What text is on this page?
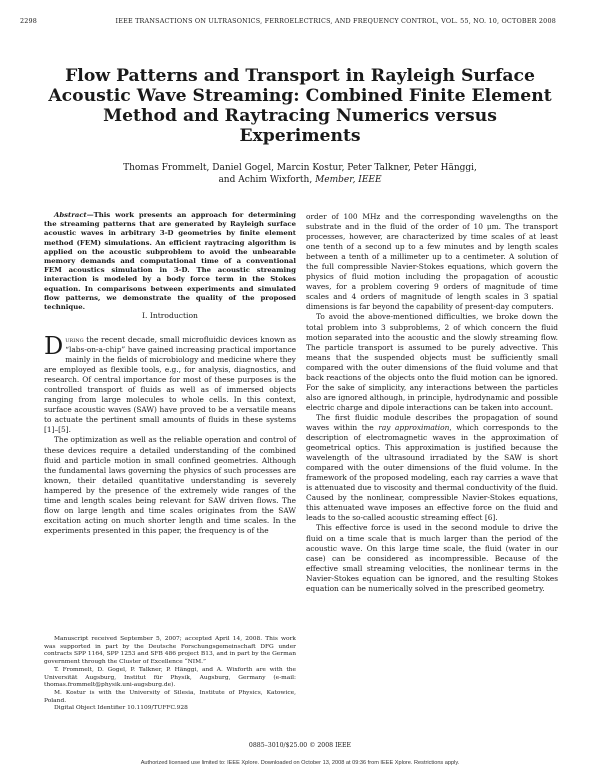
2298	IEEE TRANSACTIONS ON ULTRASONICS, FERROELECTRICS, AND FREQUENCY CONTROL, VOL. 55, NO. 10, OCTOBER 2008
Flow Patterns and Transport in Rayleigh Surface Acoustic Wave Streaming: Combined Finite Element Method and Raytracing Numerics versus Experiments
Thomas Frommelt, Daniel Gogel, Marcin Kostur, Peter Talkner, Peter Hänggi,
and Achim Wixforth, Member, IEEE
Abstract—This work presents an approach for determining the streaming patterns that are generated by Rayleigh surface acoustic waves in arbitrary 3-D geometries by finite element method (FEM) simulations. An efficient raytracing algorithm is applied on the acoustic subproblem to avoid the unbearable memory demands and computational time of a conventional FEM acoustics simulation in 3-D. The acoustic streaming interaction is modeled by a body force term in the Stokes equation. In comparisons between experiments and simulated flow patterns, we demonstrate the quality of the proposed technique.
I. Introduction

During the recent decade, small microfluidic devices known as “labs-on-a-chip” have gained increasing practical importance mainly in the fields of microbiology and medicine where they are employed as flexible tools, e.g., for analysis, diagnostics, and research. Of central importance for most of these purposes is the controlled transport of fluids as well as of immersed objects ranging from large molecules to whole cells. In this context, surface acoustic waves (SAW) have proved to be a versatile means to actuate the pertinent small amounts of fluids in these systems [1]–[5].

The optimization as well as the reliable operation and control of these devices require a detailed understanding of the combined fluid and particle motion in small confined geometries. Although the fundamental laws governing the physics of such processes are known, their detailed quantitative understanding is severely hampered by the presence of the extremely wide ranges of the time and length scales being relevant for SAW driven flows. The flow on large length and time scales originates from the SAW excitation acting on much shorter length and time scales. In the experiments presented in this paper, the frequency is of the

Manuscript received September 5, 2007; accepted April 14, 2008. This work was supported in part by the Deutsche Forschungsgemeinschaft DFG under contracts SPP 1164, SPP 1253 and SFB 486 project B13, and in part by the German government through the Cluster of Excellence “NIM.”

T. Frommelt, D. Gogel, P. Talkner, P. Hänggi, and A. Wixforth are with the Universität Augsburg, Institut für Physik, Augsburg, Germany (e-mail: thomas.frommelt@physik.uni-augsburg.de).

M. Kostur is with the University of Silesia, Institute of Physics, Katowice, Poland.

Digital Object Identifier 10.1109/TUFFC.928

order of 100 MHz and the corresponding wavelengths on the substrate and in the fluid of the order of 10 μm. The transport processes, however, are characterized by time scales of at least one tenth of a second up to a few minutes and by length scales between a tenth of a millimeter up to a centimeter. A solution of the full compressible Navier-Stokes equations, which govern the physics of fluid motion including the propagation of acoustic waves, for a problem covering 9 orders of magnitude of time scales and 4 orders of magnitude of length scales in 3 spatial dimensions is far beyond the capability of present-day computers.

To avoid the above-mentioned difficulties, we broke down the total problem into 3 subproblems, 2 of which concern the fluid motion separated into the acoustic and the slowly streaming flow. The particle transport is assumed to be purely advective. This means that the suspended objects must be sufficiently small compared with the outer dimensions of the fluid volume and that back reactions of the objects onto the fluid motion can be ignored. For the sake of simplicity, any interactions between the particles also are ignored although, in principle, hydrodynamic and possible electric charge and dipole interactions can be taken into account.

The first fluidic module describes the propagation of sound waves within the ray approximation, which corresponds to the description of electromagnetic waves in the approximation of geometrical optics. This approximation is justified because the wavelength of the ultrasound irradiated by the SAW is short compared with the outer dimensions of the fluid volume. In the framework of the proposed modeling, each ray carries a wave that is attenuated due to viscosity and thermal conductivity of the fluid. Caused by the nonlinear, compressible Navier-Stokes equations, this attenuated wave imposes an effective force on the fluid and leads to the so-called acoustic streaming effect [6].

This effective force is used in the second module to drive the fluid on a time scale that is much larger than the period of the acoustic wave. On this large time scale, the fluid (water in our case) can be considered as incompressible. Because of the effective small streaming velocities, the nonlinear terms in the Navier-Stokes equation can be ignored, and the resulting Stokes equation can be numerically solved in the prescribed geometry.

0885–3010/$25.00 © 2008 IEEE
Authorized licensed use limited to: IEEE Xplore. Downloaded on October 13, 2008 at 09:36 from IEEE Xplore. Restrictions apply.
